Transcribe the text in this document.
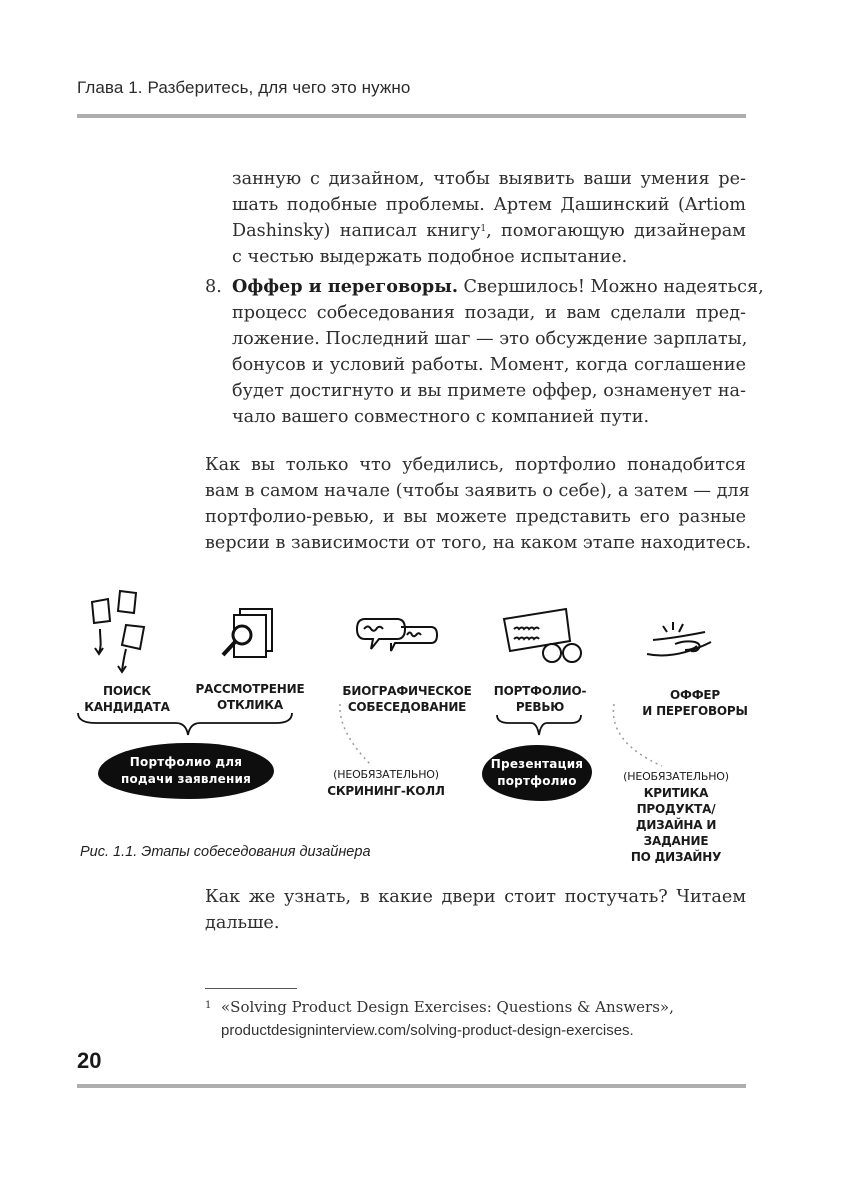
Глава 1. Разберитесь, для чего это нужно
занную с дизайном, чтобы выявить ваши умения ре-
шать подобные проблемы. Артем Дашинский (Artiom
Dashinsky) написал книгу$^1$, помогающую дизайнерам
с честью выдержать подобное испытание.
8. Оффер и переговоры. Свершилось! Можно надеяться,
процесс собеседования позади, и вам сделали пред-
ложение. Последний шаг — это обсуждение зарплаты,
бонусов и условий работы. Момент, когда соглашение
будет достигнуто и вы примете оффер, ознаменует на-
чало вашего совместного с компанией пути.
Как вы только что убедились, портфолио понадобится
вам в самом начале (чтобы заявить о себе), а затем — для
портфолио-ревью, и вы можете представить его разные
версии в зависимости от того, на каком этапе находитесь.
ПОИСК
КАНДИДАТА
РАССМОТРЕНИЕ
ОТКЛИКА
БИОГРАФИЧЕСКОЕ
СОБЕСЕДОВАНИЕ
ПОРТФОЛИО-
РЕВЬЮ
ОФФЕР
И ПЕРЕГОВОРЫ
Портфолио для
подачи заявления
Презентация
портфолио
(НЕОБЯЗАТЕЛЬНО)
СКРИНИНГ-КОЛЛ
(НЕОБЯЗАТЕЛЬНО)
КРИТИКА ПРОДУКТА/
ДИЗАЙНА И ЗАДАНИЕ
ПО ДИЗАЙНУ
Рис. 1.1. Этапы собеседования дизайнера
Как же узнать, в какие двери стоит постучать? Читаем
дальше.
1 «Solving Product Design Exercises: Questions & Answers»,
productdesigninterview.com/solving-product-design-exercises.
20
